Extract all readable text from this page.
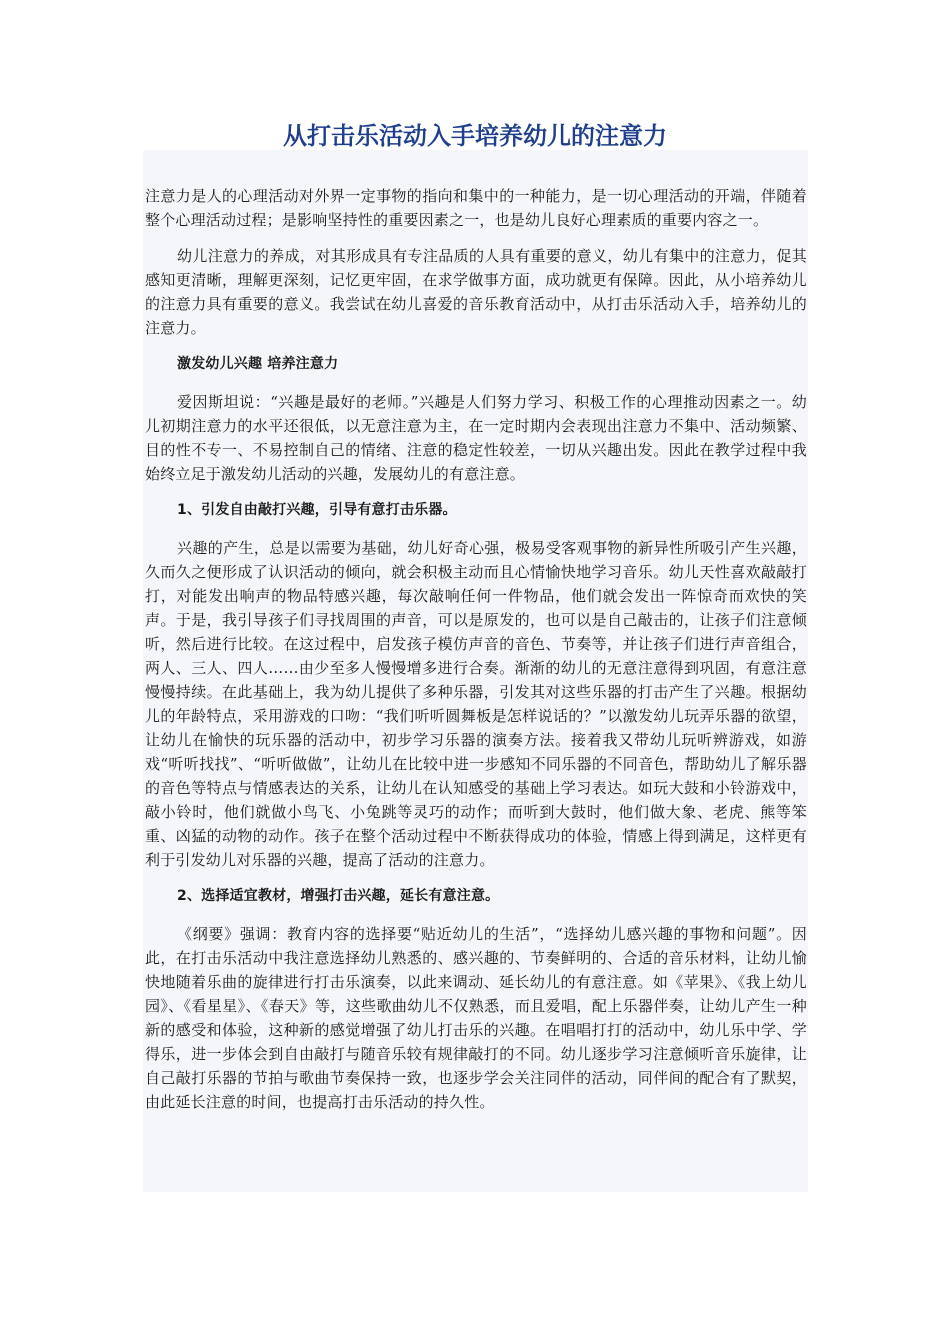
从打击乐活动入手培养幼儿的注意力

注意力是人的心理活动对外界一定事物的指向和集中的一种能力，是一切心理活动的开端，伴随着整个心理活动过程；是影响坚持性的重要因素之一，也是幼儿良好心理素质的重要内容之一。

幼儿注意力的养成，对其形成具有专注品质的人具有重要的意义，幼儿有集中的注意力，促其感知更清晰，理解更深刻，记忆更牢固，在求学做事方面，成功就更有保障。因此，从小培养幼儿的注意力具有重要的意义。我尝试在幼儿喜爱的音乐教育活动中，从打击乐活动入手，培养幼儿的注意力。

激发幼儿兴趣 培养注意力

爱因斯坦说：“兴趣是最好的老师。”兴趣是人们努力学习、积极工作的心理推动因素之一。幼儿初期注意力的水平还很低，以无意注意为主，在一定时期内会表现出注意力不集中、活动频繁、目的性不专一、不易控制自己的情绪、注意的稳定性较差，一切从兴趣出发。因此在教学过程中我始终立足于激发幼儿活动的兴趣，发展幼儿的有意注意。

1、引发自由敲打兴趣，引导有意打击乐器。

兴趣的产生，总是以需要为基础，幼儿好奇心强，极易受客观事物的新异性所吸引产生兴趣，久而久之便形成了认识活动的倾向，就会积极主动而且心情愉快地学习音乐。幼儿天性喜欢敲敲打打，对能发出响声的物品特感兴趣，每次敲响任何一件物品，他们就会发出一阵惊奇而欢快的笑声。于是，我引导孩子们寻找周围的声音，可以是原发的，也可以是自己敲击的，让孩子们注意倾听，然后进行比较。在这过程中，启发孩子模仿声音的音色、节奏等，并让孩子们进行声音组合，两人、三人、四人……由少至多人慢慢增多进行合奏。渐渐的幼儿的无意注意得到巩固，有意注意慢慢持续。在此基础上，我为幼儿提供了多种乐器，引发其对这些乐器的打击产生了兴趣。根据幼儿的年龄特点，采用游戏的口吻：“我们听听圆舞板是怎样说话的？”以激发幼儿玩弄乐器的欲望，让幼儿在愉快的玩乐器的活动中，初步学习乐器的演奏方法。接着我又带幼儿玩听辨游戏，如游戏“听听找找”、“听听做做”，让幼儿在比较中进一步感知不同乐器的不同音色，帮助幼儿了解乐器的音色等特点与情感表达的关系，让幼儿在认知感受的基础上学习表达。如玩大鼓和小铃游戏中，敲小铃时，他们就做小鸟飞、小兔跳等灵巧的动作；而听到大鼓时，他们做大象、老虎、熊等笨重、凶猛的动物的动作。孩子在整个活动过程中不断获得成功的体验，情感上得到满足，这样更有利于引发幼儿对乐器的兴趣，提高了活动的注意力。

2、选择适宜教材，增强打击兴趣，延长有意注意。

《纲要》强调：教育内容的选择要“贴近幼儿的生活”，“选择幼儿感兴趣的事物和问题”。因此，在打击乐活动中我注意选择幼儿熟悉的、感兴趣的、节奏鲜明的、合适的音乐材料，让幼儿愉快地随着乐曲的旋律进行打击乐演奏，以此来调动、延长幼儿的有意注意。如《苹果》、《我上幼儿园》、《看星星》、《春天》等，这些歌曲幼儿不仅熟悉，而且爱唱，配上乐器伴奏，让幼儿产生一种新的感受和体验，这种新的感觉增强了幼儿打击乐的兴趣。在唱唱打打的活动中，幼儿乐中学、学得乐，进一步体会到自由敲打与随音乐较有规律敲打的不同。幼儿逐步学习注意倾听音乐旋律，让自己敲打乐器的节拍与歌曲节奏保持一致，也逐步学会关注同伴的活动，同伴间的配合有了默契，由此延长注意的时间，也提高打击乐活动的持久性。
